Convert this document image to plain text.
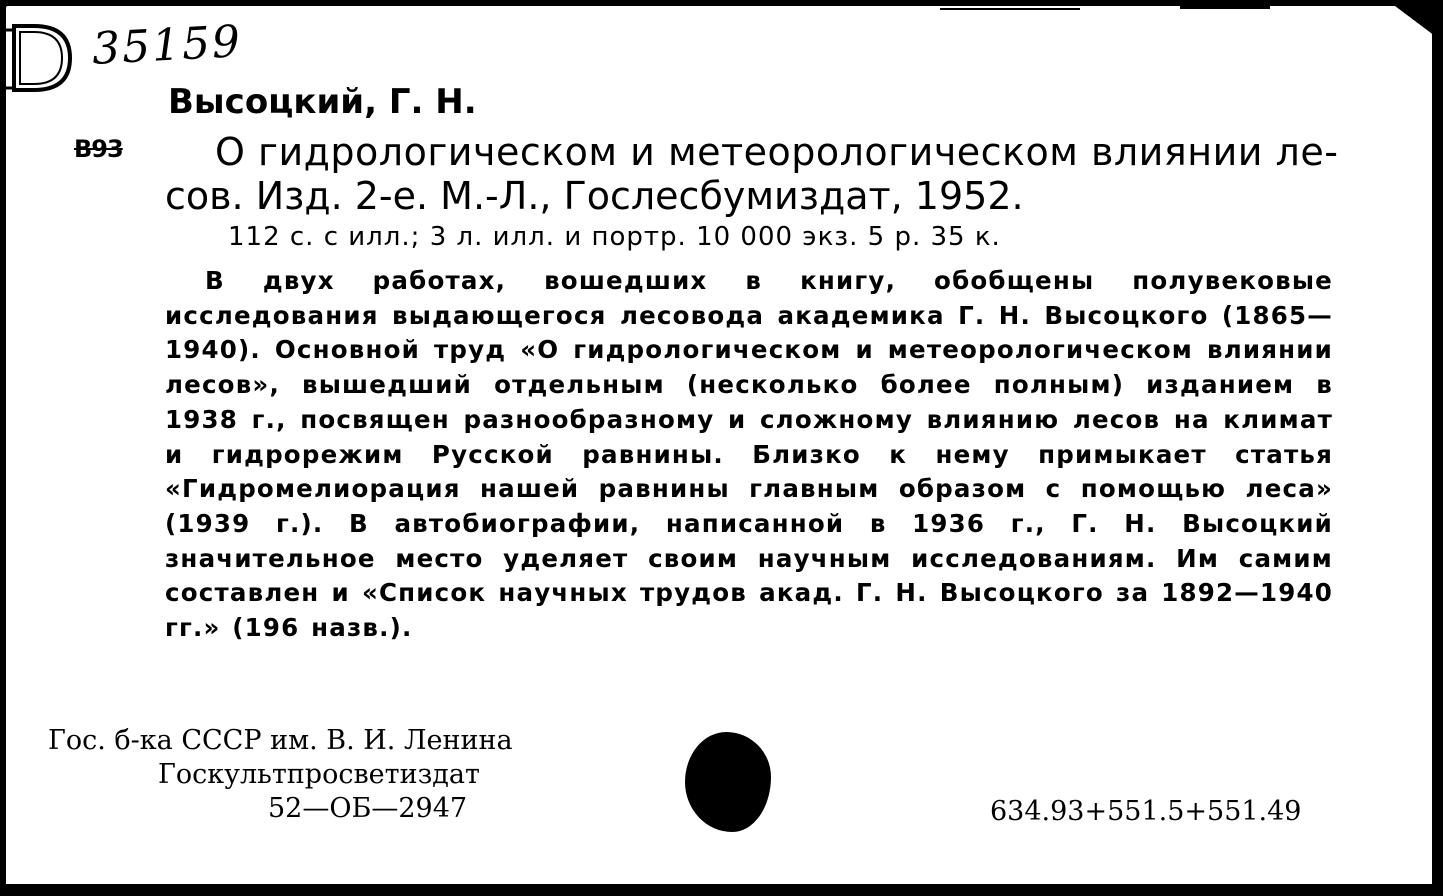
35159
Высоцкий, Г. Н.
В93 О гидрологическом и метеорологическом влиянии ле-
сов. Изд. 2-е. М.-Л., Гослесбумиздат, 1952.
112 с. с илл.; 3 л. илл. и портр. 10 000 экз. 5 р. 35 к.
В двух работах, вошедших в книгу, обобщены полувековые исследования выдающегося лесовода академика Г. Н. Высоцкого (1865—1940). Основной труд «О гидрологическом и метеорологическом влиянии лесов», вышедший отдельным (несколько более полным) изданием в 1938 г., посвящен разнообразному и сложному влиянию лесов на климат и гидрорежим Русской равнины. Близко к нему примыкает статья «Гидромелиорация нашей равнины главным образом с помощью леса» (1939 г.). В автобиографии, написанной в 1936 г., Г. Н. Высоцкий значительное место уделяет своим научным исследованиям. Им самим составлен и «Список научных трудов акад. Г. Н. Высоцкого за 1892—1940 гг.» (196 назв.).
Гос. б-ка СССР им. В. И. Ленина
Госкультпросветиздат
52—ОБ—2947	634.93+551.5+551.49
